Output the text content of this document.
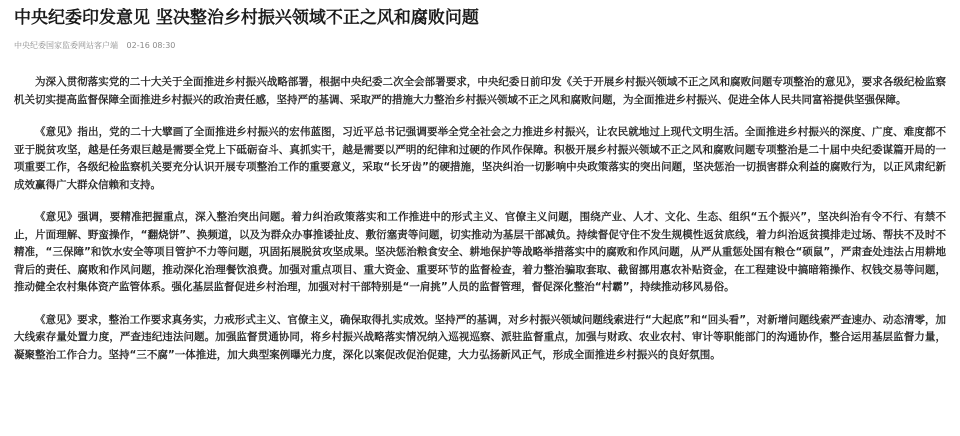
中央纪委印发意见 坚决整治乡村振兴领域不正之风和腐败问题
中央纪委国家监委网站客户端 02-16 08:30

为深入贯彻落实党的二十大关于全面推进乡村振兴战略部署，根据中央纪委二次全会部署要求，中央纪委日前印发《关于开展乡村振兴领域不正之风和腐败问题专项整治的意见》，要求各级纪检监察机关切实提高监督保障全面推进乡村振兴的政治责任感，坚持严的基调、采取严的措施大力整治乡村振兴领域不正之风和腐败问题，为全面推进乡村振兴、促进全体人民共同富裕提供坚强保障。

《意见》指出，党的二十大擘画了全面推进乡村振兴的宏伟蓝图，习近平总书记强调要举全党全社会之力推进乡村振兴，让农民就地过上现代文明生活。全面推进乡村振兴的深度、广度、难度都不亚于脱贫攻坚，越是任务艰巨越是需要全党上下砥砺奋斗、真抓实干，越是需要以严明的纪律和过硬的作风作保障。积极开展乡村振兴领域不正之风和腐败问题专项整治是二十届中央纪委谋篇开局的一项重要工作，各级纪检监察机关要充分认识开展专项整治工作的重要意义，采取“长牙齿”的硬措施，坚决纠治一切影响中央政策落实的突出问题，坚决惩治一切损害群众利益的腐败行为，以正风肃纪新成效赢得广大群众信赖和支持。

《意见》强调，要精准把握重点，深入整治突出问题。着力纠治政策落实和工作推进中的形式主义、官僚主义问题，围绕产业、人才、文化、生态、组织“五个振兴”，坚决纠治有令不行、有禁不止，片面理解、野蛮操作，“翻烧饼”、换频道，以及为群众办事推诿扯皮、敷衍塞责等问题，切实推动为基层干部减负。持续督促守住不发生规模性返贫底线，着力纠治返贫摸排走过场、帮扶不及时不精准，“三保障”和饮水安全等项目管护不力等问题，巩固拓展脱贫攻坚成果。坚决惩治粮食安全、耕地保护等战略举措落实中的腐败和作风问题，从严从重惩处国有粮仓“硕鼠”，严肃查处违法占用耕地背后的责任、腐败和作风问题，推动深化治理餐饮浪费。加强对重点项目、重大资金、重要环节的监督检查，着力整治骗取套取、截留挪用惠农补贴资金，在工程建设中搞暗箱操作、权钱交易等问题，推动健全农村集体资产监管体系。强化基层监督促进乡村治理，加强对村干部特别是“一肩挑”人员的监督管理，督促深化整治“村霸”，持续推动移风易俗。

《意见》要求，整治工作要求真务实，力戒形式主义、官僚主义，确保取得扎实成效。坚持严的基调，对乡村振兴领域问题线索进行“大起底”和“回头看”，对新增问题线索严查速办、动态清零，加大线索存量处置力度，严查违纪违法问题。加强监督贯通协同，将乡村振兴战略落实情况纳入巡视巡察、派驻监督重点，加强与财政、农业农村、审计等职能部门的沟通协作，整合运用基层监督力量，凝聚整治工作合力。坚持“三不腐”一体推进，加大典型案例曝光力度，深化以案促改促治促建，大力弘扬新风正气，形成全面推进乡村振兴的良好氛围。
